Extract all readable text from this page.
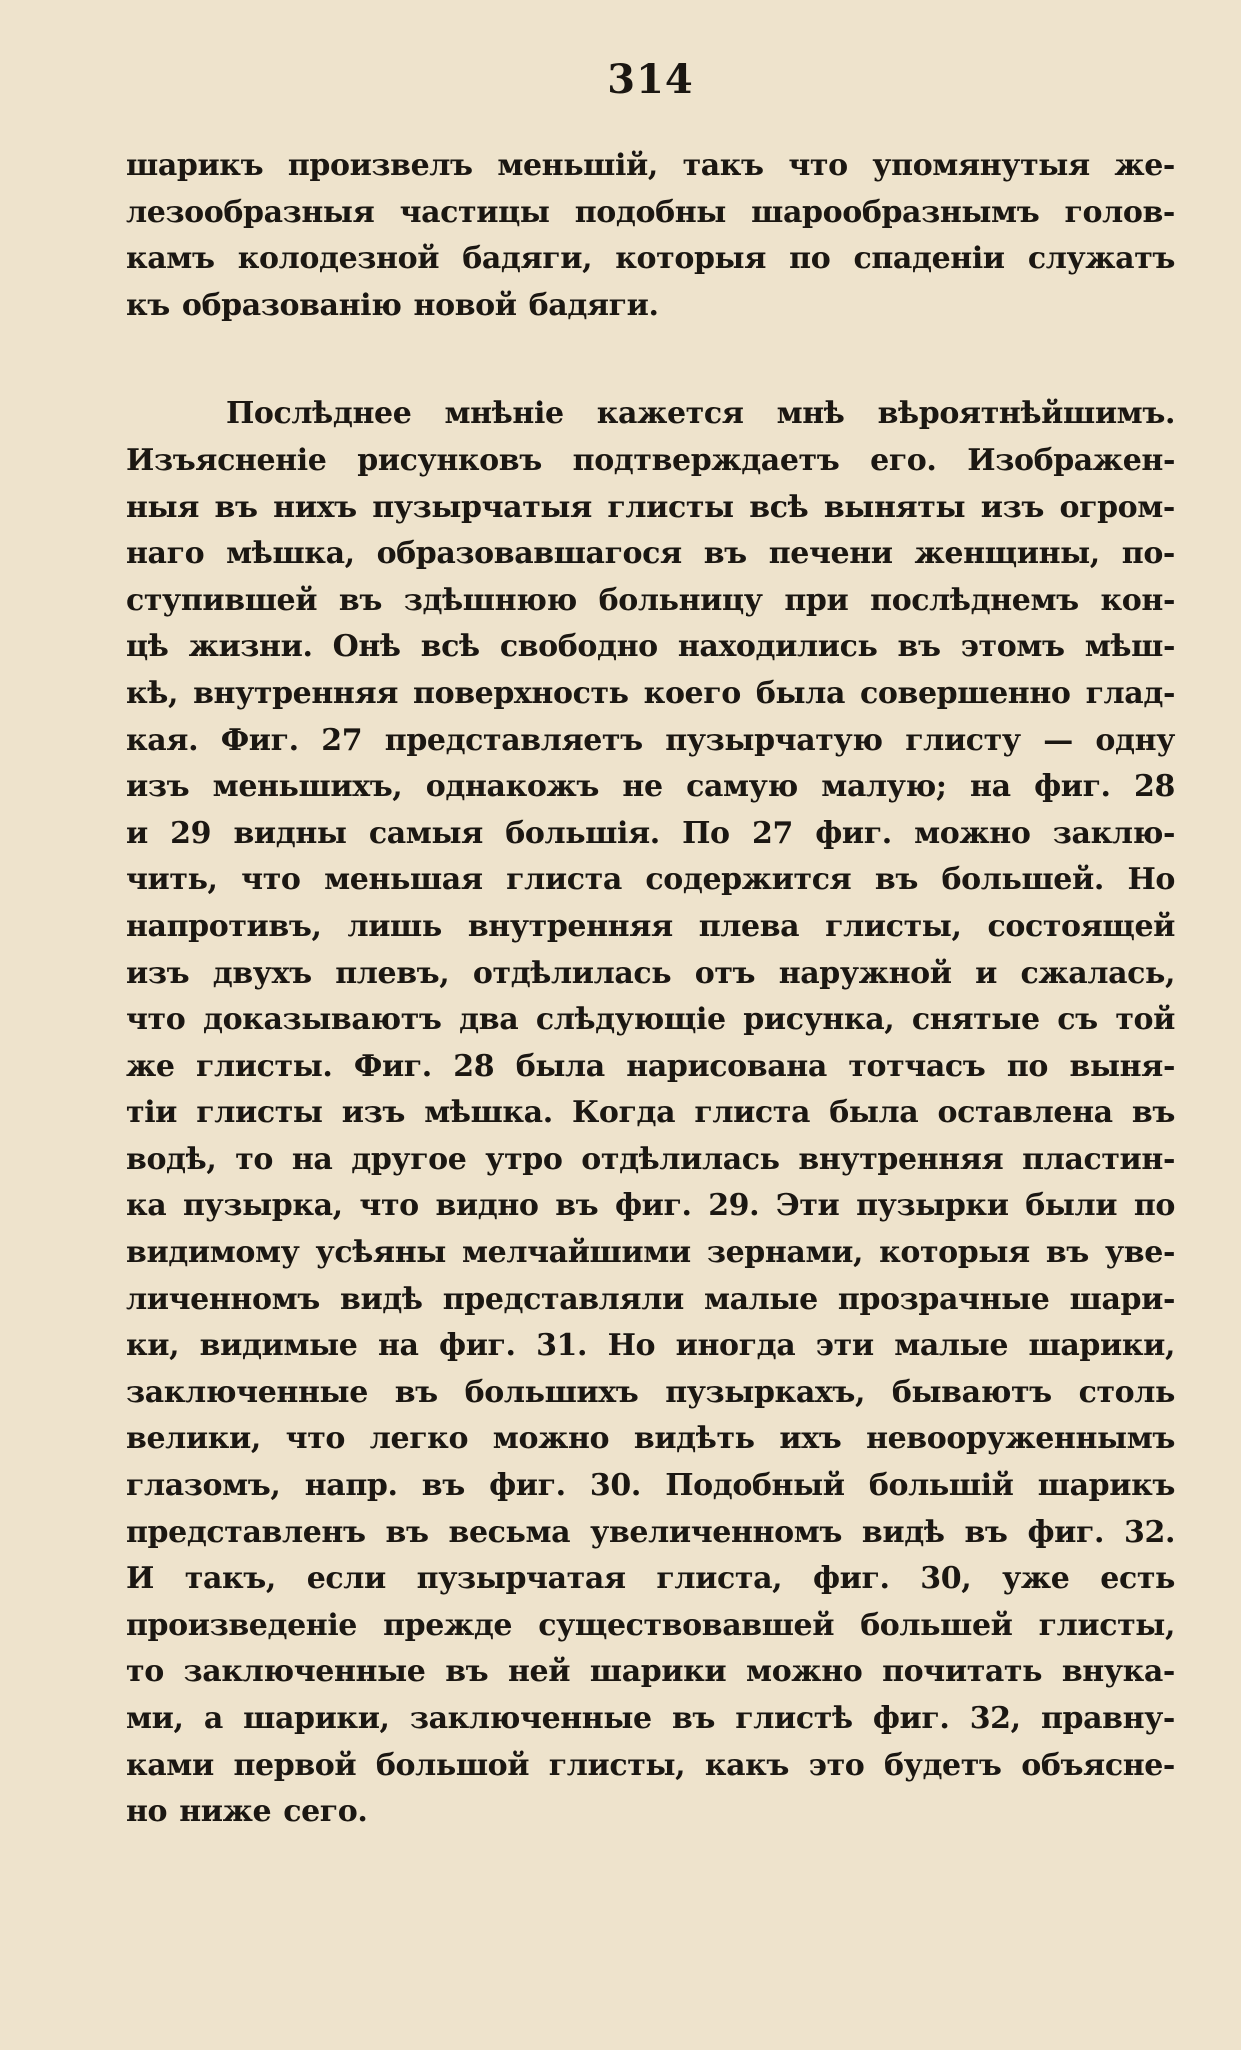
314
шарикъ произвелъ меньшій, такъ что упомянутыя же-
лезообразныя частицы подобны шарообразнымъ голов-
камъ колодезной бадяги, которыя по спаденіи служатъ
къ образованію новой бадяги.
Послѣднее мнѣніе кажется мнѣ вѣроятнѣйшимъ.
Изъясненіе рисунковъ подтверждаетъ его. Изображен-
ныя въ нихъ пузырчатыя глисты всѣ выняты изъ огром-
наго мѣшка, образовавшагося въ печени женщины, по-
ступившей въ здѣшнюю больницу при послѣднемъ кон-
цѣ жизни. Онѣ всѣ свободно находились въ этомъ мѣш-
кѣ, внутренняя поверхность коего была совершенно глад-
кая. Фиг. 27 представляетъ пузырчатую глисту — одну
изъ меньшихъ, однакожъ не самую малую; на фиг. 28
и 29 видны самыя большія. По 27 фиг. можно заклю-
чить, что меньшая глиста содержится въ большей. Но
напротивъ, лишь внутренняя плева глисты, состоящей
изъ двухъ плевъ, отдѣлилась отъ наружной и сжалась,
что доказываютъ два слѣдующіе рисунка, снятые съ той
же глисты. Фиг. 28 была нарисована тотчасъ по выня-
тіи глисты изъ мѣшка. Когда глиста была оставлена въ
водѣ, то на другое утро отдѣлилась внутренняя пластин-
ка пузырка, что видно въ фиг. 29. Эти пузырки были по
видимому усѣяны мелчайшими зернами, которыя въ уве-
личенномъ видѣ представляли малые прозрачные шари-
ки, видимые на фиг. 31. Но иногда эти малые шарики,
заключенные въ большихъ пузыркахъ, бываютъ столь
велики, что легко можно видѣть ихъ невооруженнымъ
глазомъ, напр. въ фиг. 30. Подобный большій шарикъ
представленъ въ весьма увеличенномъ видѣ въ фиг. 32.
И такъ, если пузырчатая глиста, фиг. 30, уже есть
произведеніе прежде существовавшей большей глисты,
то заключенные въ ней шарики можно почитать внука-
ми, а шарики, заключенные въ глистѣ фиг. 32, правну-
ками первой большой глисты, какъ это будетъ объясне-
но ниже сего.
